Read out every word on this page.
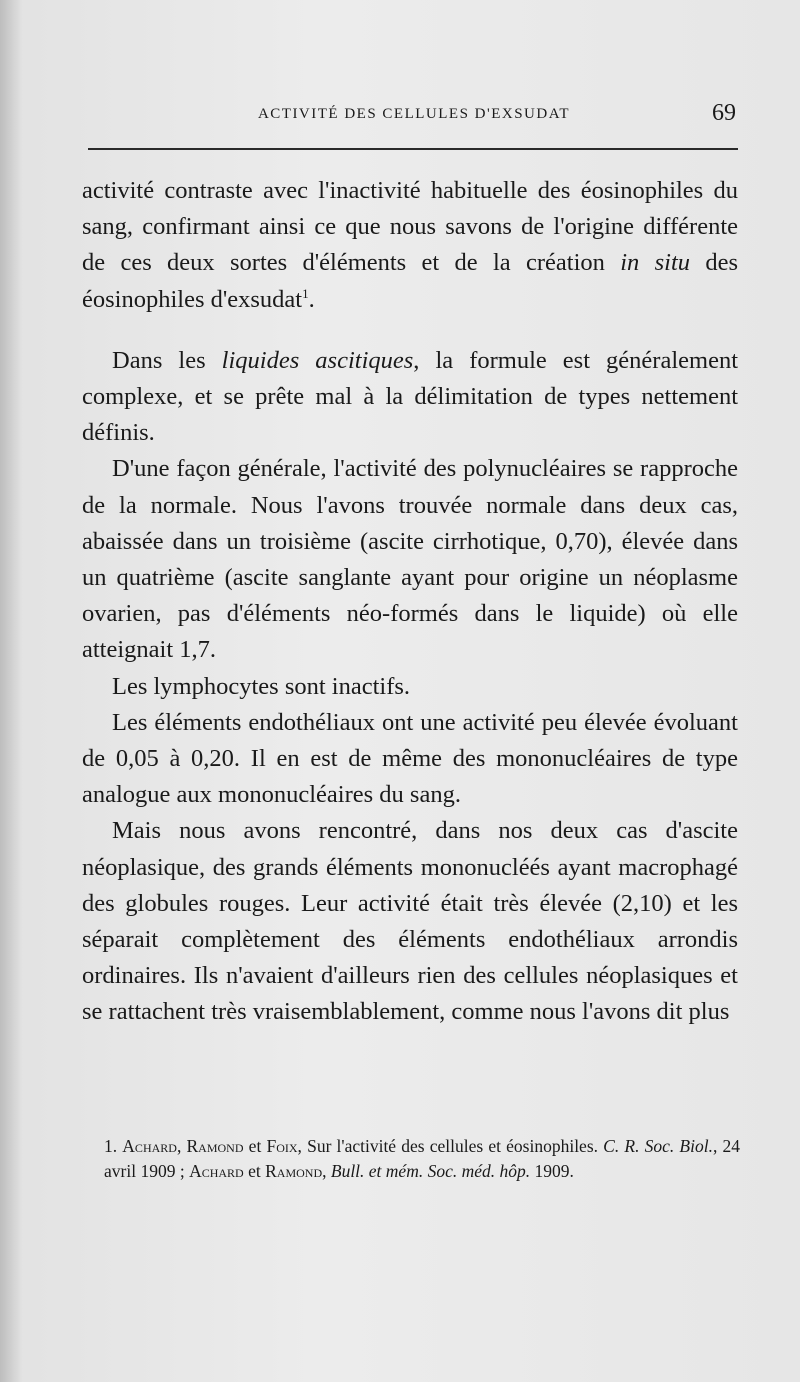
ACTIVITÉ DES CELLULES D'EXSUDAT	69

activité contraste avec l'inactivité habituelle des éosinophiles du sang, confirmant ainsi ce que nous savons de l'origine différente de ces deux sortes d'éléments et de la création in situ des éosinophiles d'exsudat$^1$.

Dans les liquides ascitiques, la formule est généralement complexe, et se prête mal à la délimitation de types nettement définis.

D'une façon générale, l'activité des polynucléaires se rapproche de la normale. Nous l'avons trouvée normale dans deux cas, abaissée dans un troisième (ascite cirrhotique, 0,70), élevée dans un quatrième (ascite sanglante ayant pour origine un néoplasme ovarien, pas d'éléments néo-formés dans le liquide) où elle atteignait 1,7.

Les lymphocytes sont inactifs.

Les éléments endothéliaux ont une activité peu élevée évoluant de 0,05 à 0,20. Il en est de même des mononucléaires de type analogue aux mononucléaires du sang.

Mais nous avons rencontré, dans nos deux cas d'ascite néoplasique, des grands éléments mononucléés ayant macrophagé des globules rouges. Leur activité était très élevée (2,10) et les séparait complètement des éléments endothéliaux arrondis ordinaires. Ils n'avaient d'ailleurs rien des cellules néoplasiques et se rattachent très vraisemblablement, comme nous l'avons dit plus

1. Achard, Ramond et Foix, Sur l'activité des cellules et éosinophiles. C. R. Soc. Biol., 24 avril 1909 ; Achard et Ramond, Bull. et mém. Soc. méd. hôp. 1909.
